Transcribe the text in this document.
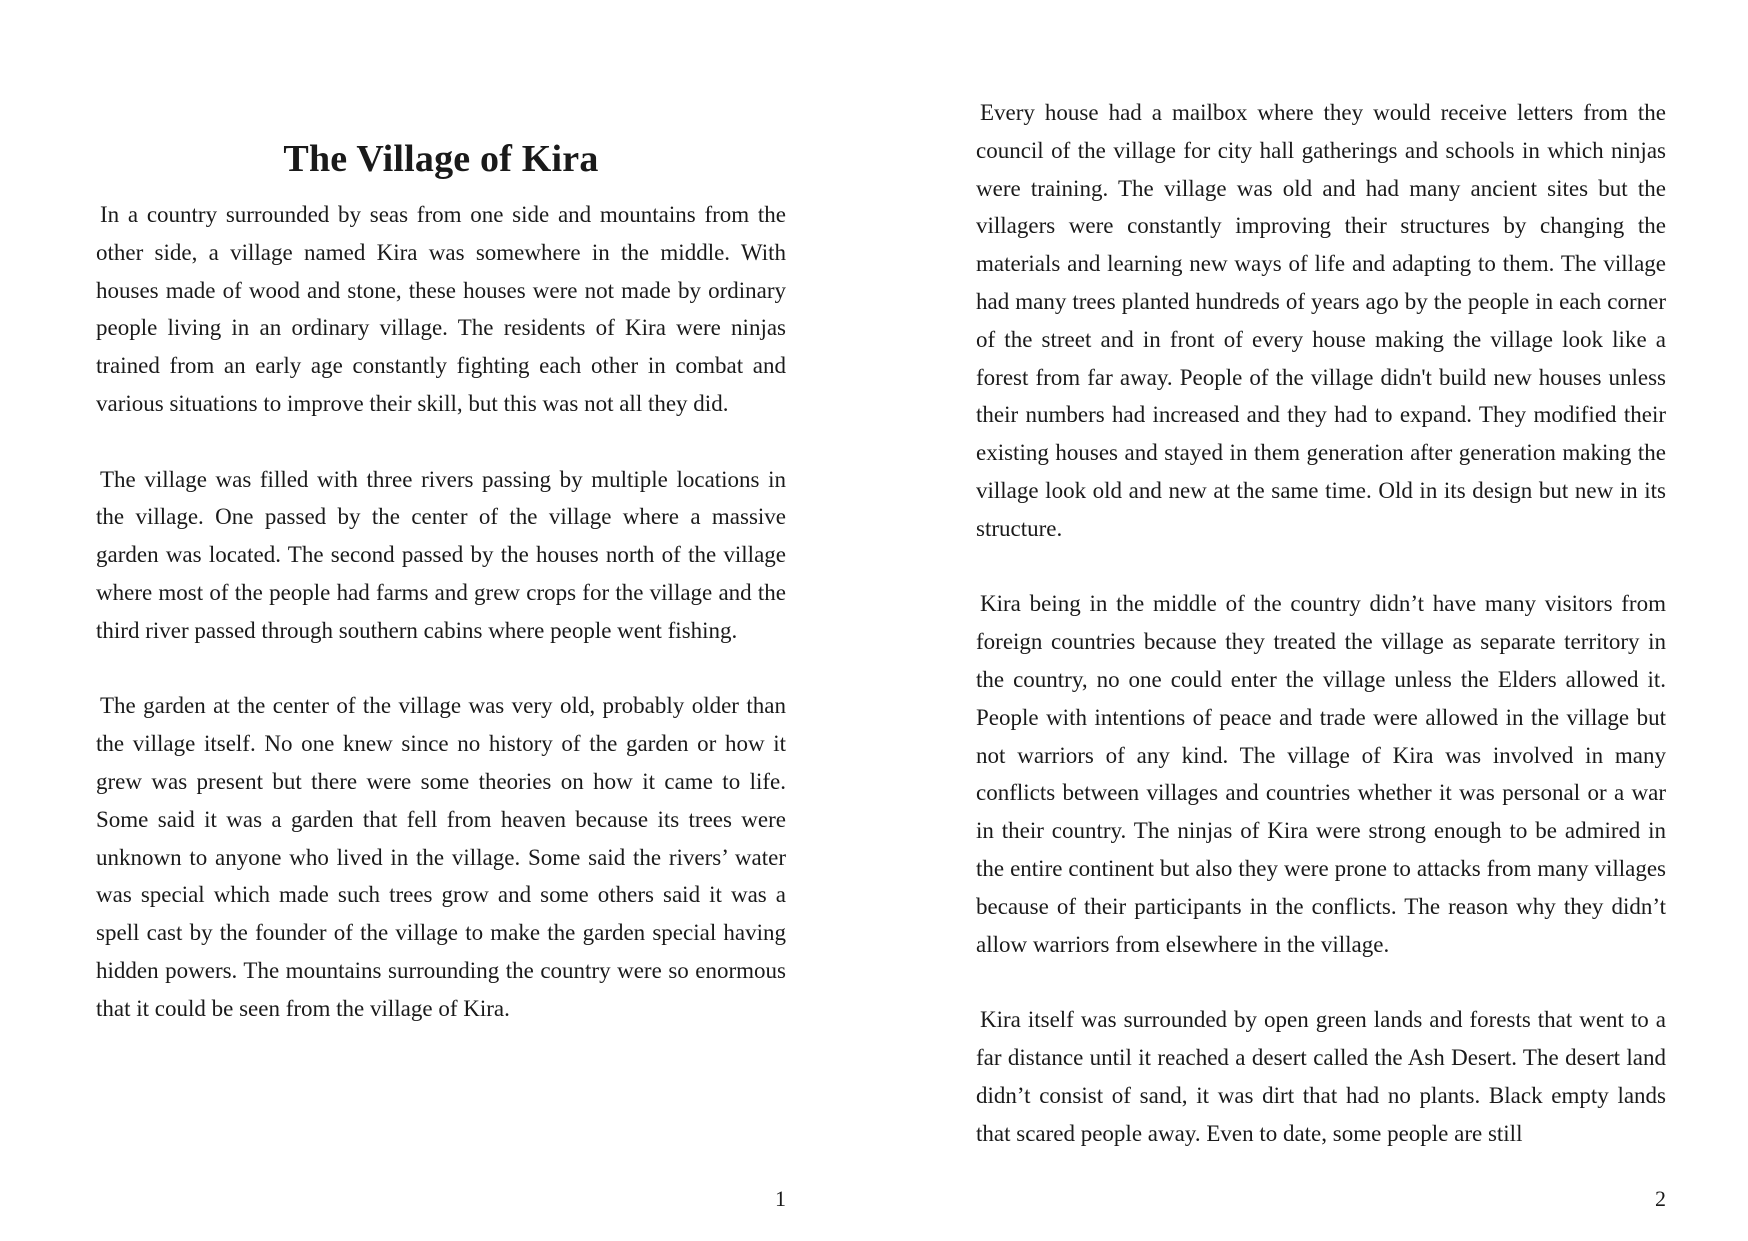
The Village of Kira

In a country surrounded by seas from one side and mountains from the other side, a village named Kira was somewhere in the middle. With houses made of wood and stone, these houses were not made by ordinary people living in an ordinary village. The residents of Kira were ninjas trained from an early age constantly fighting each other in combat and various situations to improve their skill, but this was not all they did.

The village was filled with three rivers passing by multiple locations in the village. One passed by the center of the village where a massive garden was located. The second passed by the houses north of the village where most of the people had farms and grew crops for the village and the third river passed through southern cabins where people went fishing.

The garden at the center of the village was very old, probably older than the village itself. No one knew since no history of the garden or how it grew was present but there were some theories on how it came to life. Some said it was a garden that fell from heaven because its trees were unknown to anyone who lived in the village. Some said the rivers’ water was special which made such trees grow and some others said it was a spell cast by the founder of the village to make the garden special having hidden powers. The mountains surrounding the country were so enormous that it could be seen from the village of Kira.

1

Every house had a mailbox where they would receive letters from the council of the village for city hall gatherings and schools in which ninjas were training. The village was old and had many ancient sites but the villagers were constantly improving their structures by changing the materials and learning new ways of life and adapting to them. The village had many trees planted hundreds of years ago by the people in each corner of the street and in front of every house making the village look like a forest from far away. People of the village didn't build new houses unless their numbers had increased and they had to expand. They modified their existing houses and stayed in them generation after generation making the village look old and new at the same time. Old in its design but new in its structure.

Kira being in the middle of the country didn’t have many visitors from foreign countries because they treated the village as separate territory in the country, no one could enter the village unless the Elders allowed it. People with intentions of peace and trade were allowed in the village but not warriors of any kind. The village of Kira was involved in many conflicts between villages and countries whether it was personal or a war in their country. The ninjas of Kira were strong enough to be admired in the entire continent but also they were prone to attacks from many villages because of their participants in the conflicts. The reason why they didn’t allow warriors from elsewhere in the village.

Kira itself was surrounded by open green lands and forests that went to a far distance until it reached a desert called the Ash Desert. The desert land didn’t consist of sand, it was dirt that had no plants. Black empty lands that scared people away. Even to date, some people are still

2
